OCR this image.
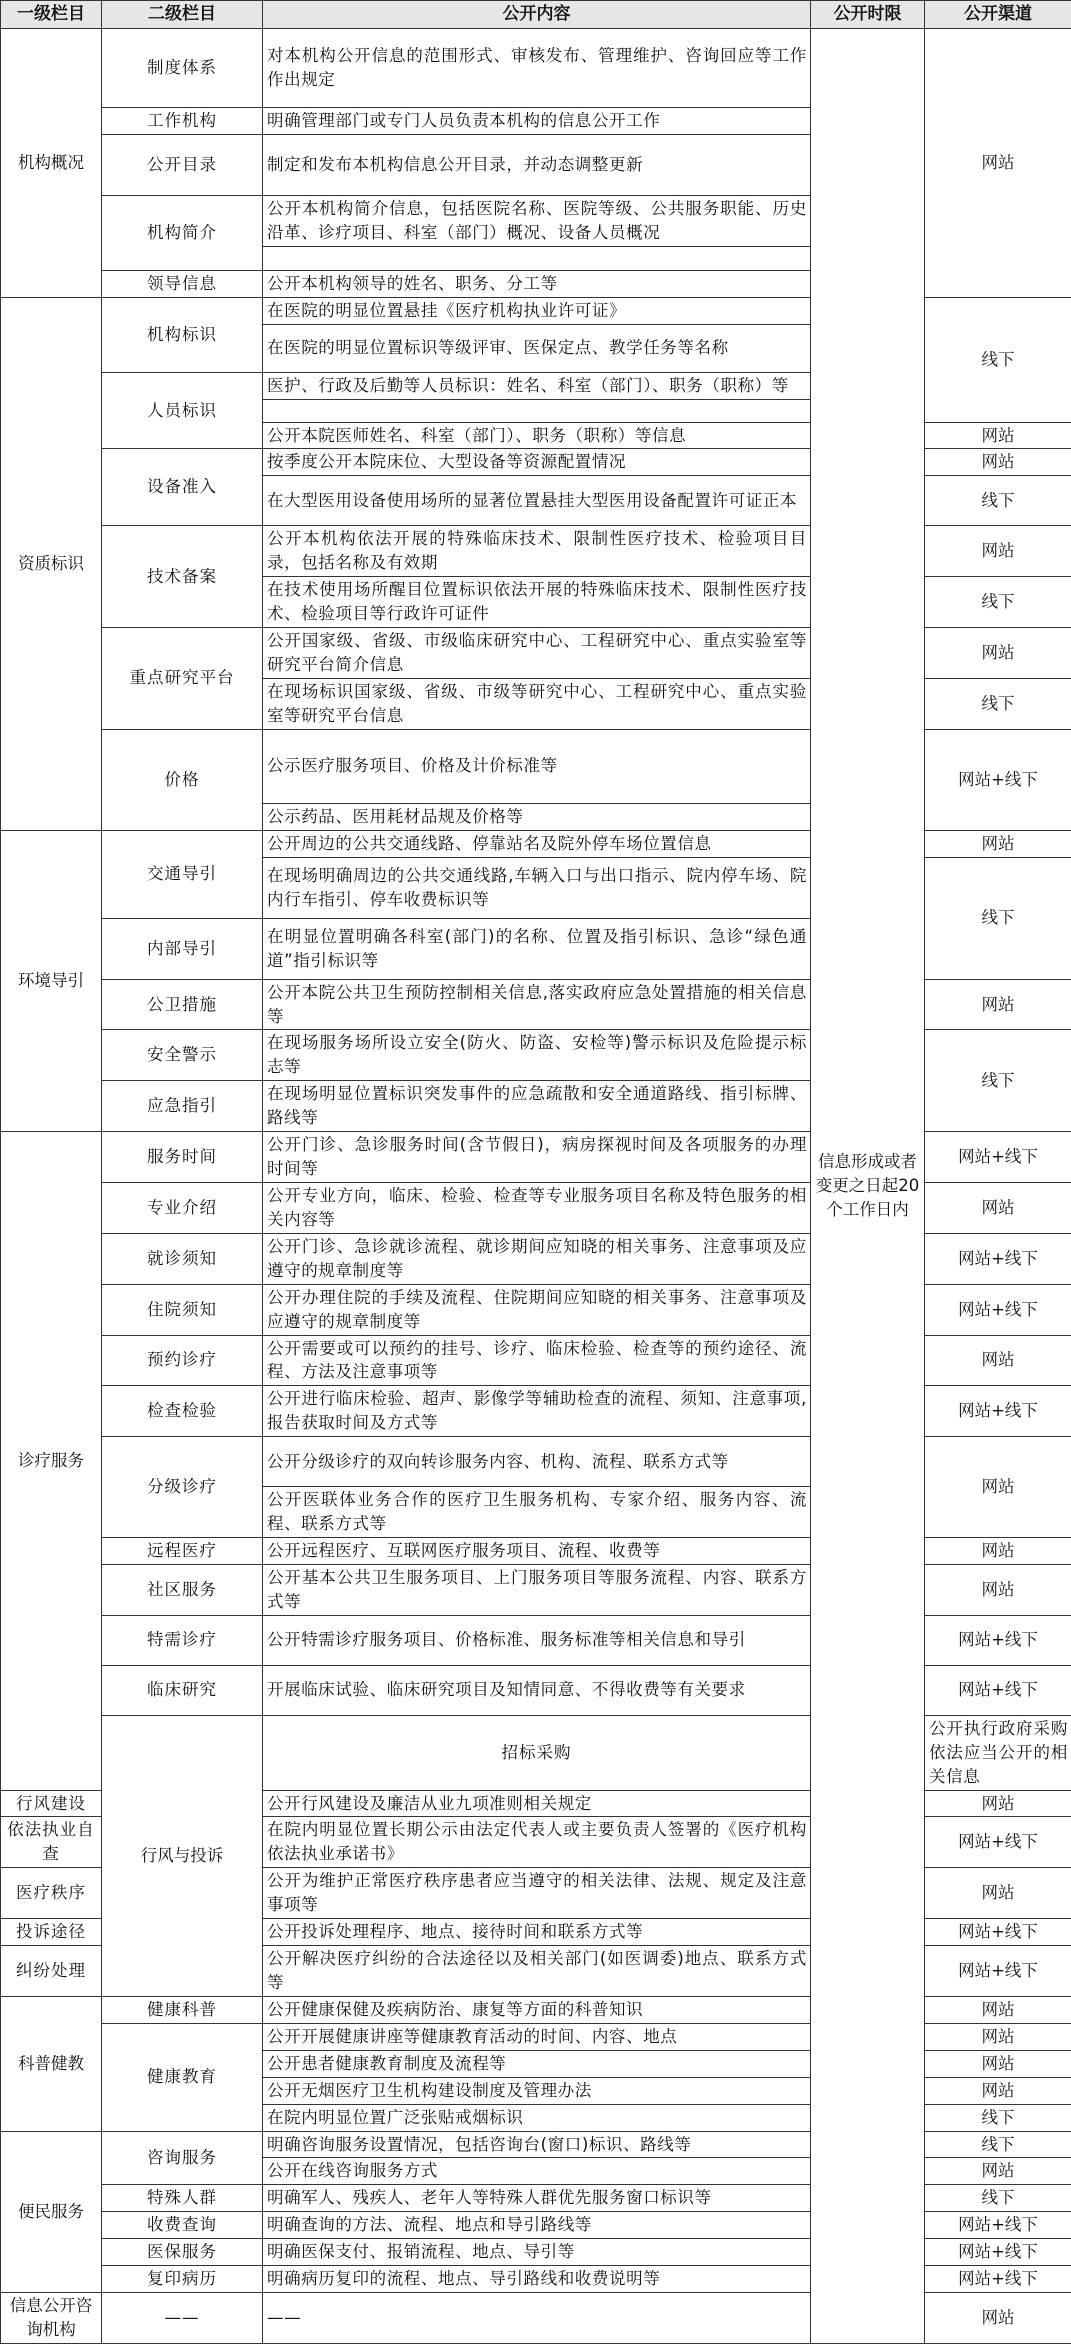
一级栏目	二级栏目	公开内容	公开时限	公开渠道	
机构概况	制度体系	对本机构公开信息的范围形式、审核发布、管理维护、咨询回应等工作作出规定	信息形成或者变更之日起20个工作日内	网站	
	工作机构	明确管理部门或专门人员负责本机构的信息公开工作			
	公开目录	制定和发布本机构信息公开目录，并动态调整更新			
	机构简介	公开本机构简介信息，包括医院名称、医院等级、公共服务职能、历史沿革、诊疗项目、科室（部门）概况、设备人员概况			

	领导信息	公开本机构领导的姓名、职务、分工等			

资质标识	机构标识	在医院的明显位置悬挂《医疗机构执业许可证》		线下	
		在医院的明显位置标识等级评审、医保定点、教学任务等名称			
	人员标识	医护、行政及后勤等人员标识：姓名、科室（部门）、职务（职称）等			

		公开本院医师姓名、科室（部门）、职务（职称）等信息		网站	
	设备准入	按季度公开本院床位、大型设备等资源配置情况		网站	
		在大型医用设备使用场所的显著位置悬挂大型医用设备配置许可证正本		线下	
	技术备案	公开本机构依法开展的特殊临床技术、限制性医疗技术、检验项目目录，包括名称及有效期		网站	
		在技术使用场所醒目位置标识依法开展的特殊临床技术、限制性医疗技术、检验项目等行政许可证件		线下	
	重点研究平台	公开国家级、省级、市级临床研究中心、工程研究中心、重点实验室等研究平台简介信息		网站	
		在现场标识国家级、省级、市级等研究中心、工程研究中心、重点实验室等研究平台信息		线下	
	价格	公示医疗服务项目、价格及计价标准等		网站+线下	
		公示药品、医用耗材品规及价格等			

环境导引	交通导引	公开周边的公共交通线路、停靠站名及院外停车场位置信息		网站	
		在现场明确周边的公共交通线路,车辆入口与出口指示、院内停车场、院内行车指引、停车收费标识等		线下	
	内部导引	在明显位置明确各科室(部门)的名称、位置及指引标识、急诊“绿色通道”指引标识等			
	公卫措施	公开本院公共卫生预防控制相关信息,落实政府应急处置措施的相关信息等		网站	
	安全警示	在现场服务场所设立安全(防火、防盗、安检等)警示标识及危险提示标志等		线下	
	应急指引	在现场明显位置标识突发事件的应急疏散和安全通道路线、指引标牌、路线等			

诊疗服务	服务时间	公开门诊、急诊服务时间(含节假日)，病房探视时间及各项服务的办理时间等		网站+线下	
	专业介绍	公开专业方向，临床、检验、检查等专业服务项目名称及特色服务的相关内容等		网站	
	就诊须知	公开门诊、急诊就诊流程、就诊期间应知晓的相关事务、注意事项及应遵守的规章制度等		网站+线下	
	住院须知	公开办理住院的手续及流程、住院期间应知晓的相关事务、注意事项及应遵守的规章制度等		网站+线下	
	预约诊疗	公开需要或可以预约的挂号、诊疗、临床检验、检查等的预约途径、流程、方法及注意事项等		网站	
	检查检验	公开进行临床检验、超声、影像学等辅助检查的流程、须知、注意事项,报告获取时间及方式等		网站+线下	
	分级诊疗	公开分级诊疗的双向转诊服务内容、机构、流程、联系方式等		网站	
		公开医联体业务合作的医疗卫生服务机构、专家介绍、服务内容、流程、联系方式等			
	远程医疗	公开远程医疗、互联网医疗服务项目、流程、收费等		网站	
	社区服务	公开基本公共卫生服务项目、上门服务项目等服务流程、内容、联系方式等		网站	
	特需诊疗	公开特需诊疗服务项目、价格标准、服务标准等相关信息和导引		网站+线下	
	临床研究	开展临床试验、临床研究项目及知情同意、不得收费等有关要求		网站+线下	
	行风与投诉	招标采购		公开执行政府采购依法应当公开的相关信息	
行风建设		公开行风建设及廉洁从业九项准则相关规定		网站	
依法执业自查		在院内明显位置长期公示由法定代表人或主要负责人签署的《医疗机构依法执业承诺书》		网站+线下	
医疗秩序		公开为维护正常医疗秩序患者应当遵守的相关法律、法规、规定及注意事项等		网站	
投诉途径		公开投诉处理程序、地点、接待时间和联系方式等		网站+线下	
纠纷处理		公开解决医疗纠纷的合法途径以及相关部门(如医调委)地点、联系方式等		网站+线下	
科普健教	健康科普	公开健康保健及疾病防治、康复等方面的科普知识		网站	
	健康教育	公开开展健康讲座等健康教育活动的时间、内容、地点		网站	
		公开患者健康教育制度及流程等		网站	
		公开无烟医疗卫生机构建设制度及管理办法		网站	
		在院内明显位置广泛张贴戒烟标识		线下	
便民服务	咨询服务	明确咨询服务设置情况，包括咨询台(窗口)标识、路线等		线下	
		公开在线咨询服务方式		网站	
	特殊人群	明确军人、残疾人、老年人等特殊人群优先服务窗口标识等		线下	
	收费查询	明确查询的方法、流程、地点和导引路线等		网站+线下	
	医保服务	明确医保支付、报销流程、地点、导引等		网站+线下	
	复印病历	明确病历复印的流程、地点、导引路线和收费说明等		网站+线下	
信息公开咨询机构	——	——		网站	
